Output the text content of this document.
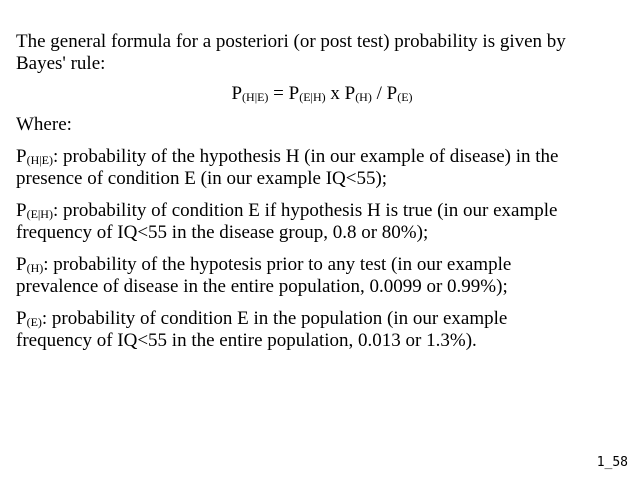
The general formula for a posteriori (or post test) probability is given by
Bayes' rule:

P(H|E) = P(E|H) x P(H) / P(E)

Where:

P(H|E): probability of the hypothesis H (in our example of disease) in the
presence of condition E (in our example IQ<55);

P(E|H): probability of condition E if hypothesis H is true (in our example
frequency of IQ<55 in the disease group, 0.8 or 80%);

P(H): probability of the hypotesis prior to any test (in our example
prevalence of disease in the entire population, 0.0099 or 0.99%);

P(E): probability of condition E in the population (in our example
frequency of IQ<55 in the entire population, 0.013 or 1.3%).

1_58
